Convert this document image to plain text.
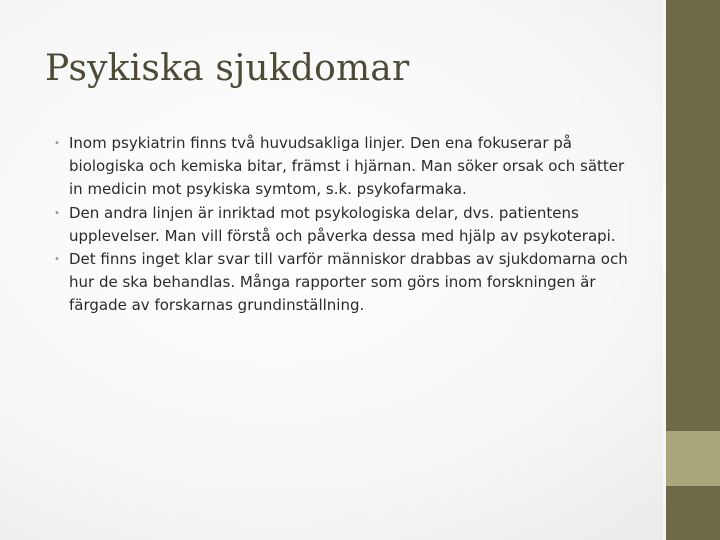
Psykiska sjukdomar
• Inom psykiatrin finns två huvudsakliga linjer. Den ena fokuserar på biologiska och kemiska bitar, främst i hjärnan. Man söker orsak och sätter in medicin mot psykiska symtom, s.k. psykofarmaka.
• Den andra linjen är inriktad mot psykologiska delar, dvs. patientens upplevelser. Man vill förstå och påverka dessa med hjälp av psykoterapi.
• Det finns inget klar svar till varför människor drabbas av sjukdomarna och hur de ska behandlas. Många rapporter som görs inom forskningen är färgade av forskarnas grundinställning.
